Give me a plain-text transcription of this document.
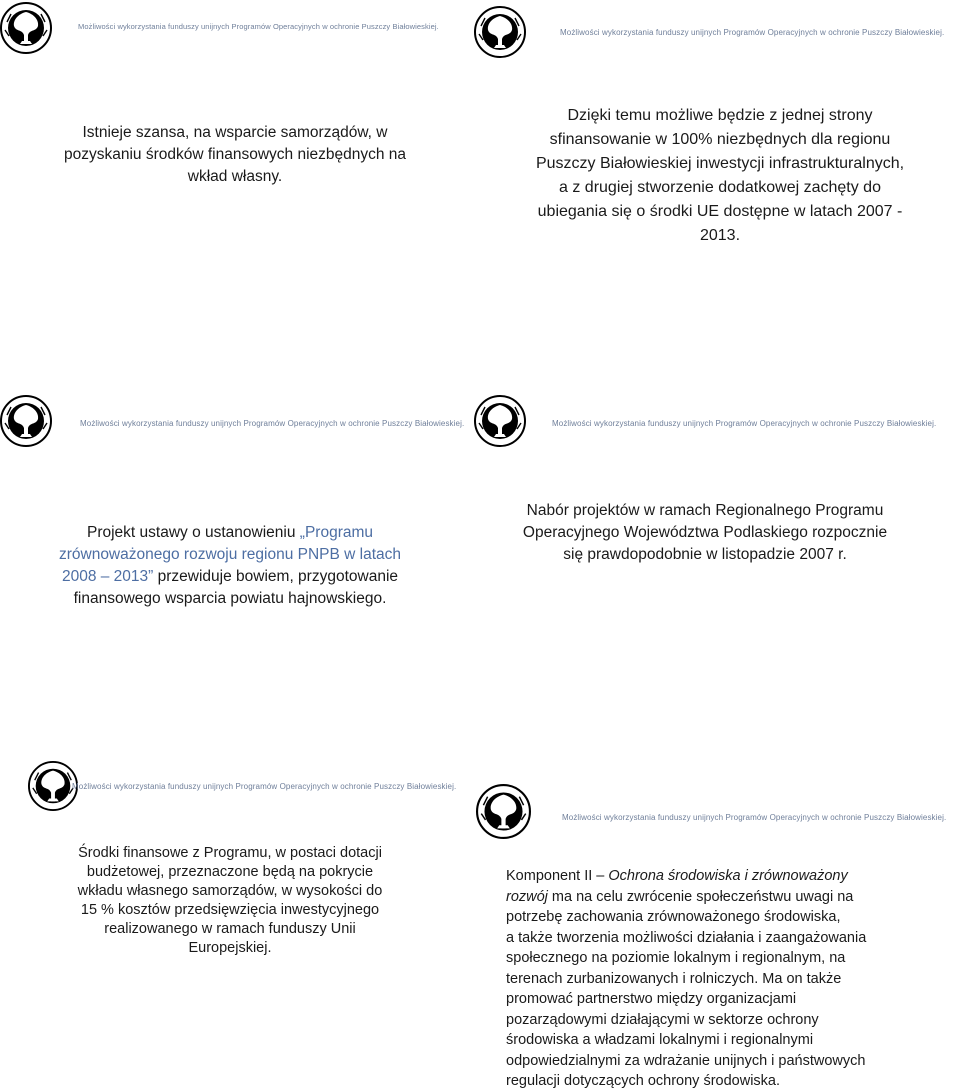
Możliwości wykorzystania funduszy unijnych Programów Operacyjnych w ochronie Puszczy Białowieskiej.
Istnieje szansa, na wsparcie samorządów, w
pozyskaniu środków finansowych niezbędnych na
wkład własny.
Możliwości wykorzystania funduszy unijnych Programów Operacyjnych w ochronie Puszczy Białowieskiej.
Dzięki temu możliwe będzie z jednej strony
sfinansowanie w 100% niezbędnych dla regionu
Puszczy Białowieskiej inwestycji infrastrukturalnych,
a z drugiej stworzenie dodatkowej zachęty do
ubiegania się o środki UE dostępne w latach 2007 -
2013.
Możliwości wykorzystania funduszy unijnych Programów Operacyjnych w ochronie Puszczy Białowieskiej.
Projekt ustawy o ustanowieniu „Programu
zrównoważonego rozwoju regionu PNPB w latach
2008 – 2013” przewiduje bowiem, przygotowanie
finansowego wsparcia powiatu hajnowskiego.
Możliwości wykorzystania funduszy unijnych Programów Operacyjnych w ochronie Puszczy Białowieskiej.
Nabór projektów w ramach Regionalnego Programu
Operacyjnego Województwa Podlaskiego rozpocznie
się prawdopodobnie w listopadzie 2007 r.
Możliwości wykorzystania funduszy unijnych Programów Operacyjnych w ochronie Puszczy Białowieskiej.
Środki finansowe z Programu, w postaci dotacji
budżetowej, przeznaczone będą na pokrycie
wkładu własnego samorządów, w wysokości do
15 % kosztów przedsięwzięcia inwestycyjnego
realizowanego w ramach funduszy Unii
Europejskiej.
Możliwości wykorzystania funduszy unijnych Programów Operacyjnych w ochronie Puszczy Białowieskiej.
Komponent II – Ochrona środowiska i zrównoważony
rozwój ma na celu zwrócenie społeczeństwu uwagi na
potrzebę zachowania zrównoważonego środowiska,
a także tworzenia możliwości działania i zaangażowania
społecznego na poziomie lokalnym i regionalnym, na
terenach zurbanizowanych i rolniczych. Ma on także
promować partnerstwo między organizacjami
pozarządowymi działającymi w sektorze ochrony
środowiska a władzami lokalnymi i regionalnymi
odpowiedzialnymi za wdrażanie unijnych i państwowych
regulacji dotyczących ochrony środowiska.
